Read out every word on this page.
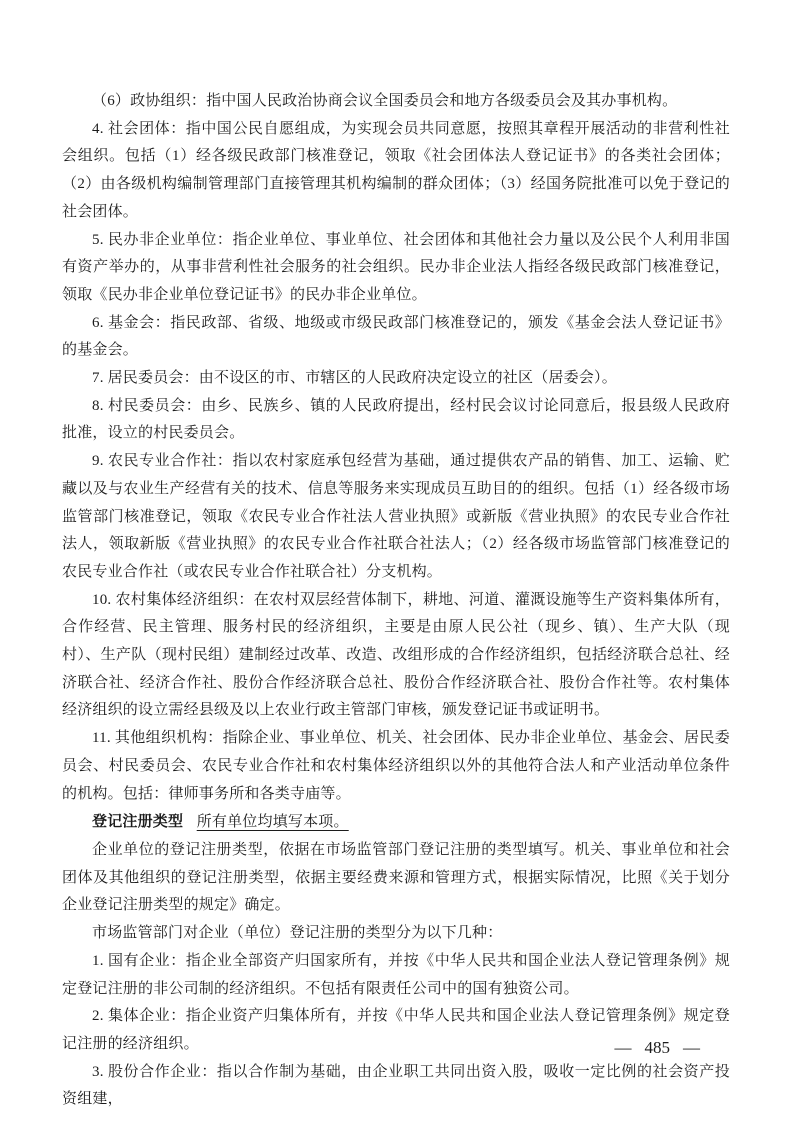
（6）政协组织：指中国人民政治协商会议全国委员会和地方各级委员会及其办事机构。

4. 社会团体：指中国公民自愿组成，为实现会员共同意愿，按照其章程开展活动的非营利性社会组织。包括（1）经各级民政部门核准登记，领取《社会团体法人登记证书》的各类社会团体；（2）由各级机构编制管理部门直接管理其机构编制的群众团体；（3）经国务院批准可以免于登记的社会团体。

5. 民办非企业单位：指企业单位、事业单位、社会团体和其他社会力量以及公民个人利用非国有资产举办的，从事非营利性社会服务的社会组织。民办非企业法人指经各级民政部门核准登记，领取《民办非企业单位登记证书》的民办非企业单位。

6. 基金会：指民政部、省级、地级或市级民政部门核准登记的，颁发《基金会法人登记证书》的基金会。

7. 居民委员会：由不设区的市、市辖区的人民政府决定设立的社区（居委会）。

8. 村民委员会：由乡、民族乡、镇的人民政府提出，经村民会议讨论同意后，报县级人民政府批准，设立的村民委员会。

9. 农民专业合作社：指以农村家庭承包经营为基础，通过提供农产品的销售、加工、运输、贮藏以及与农业生产经营有关的技术、信息等服务来实现成员互助目的的组织。包括（1）经各级市场监管部门核准登记，领取《农民专业合作社法人营业执照》或新版《营业执照》的农民专业合作社法人，领取新版《营业执照》的农民专业合作社联合社法人；（2）经各级市场监管部门核准登记的农民专业合作社（或农民专业合作社联合社）分支机构。

10. 农村集体经济组织：在农村双层经营体制下，耕地、河道、灌溉设施等生产资料集体所有，合作经营、民主管理、服务村民的经济组织，主要是由原人民公社（现乡、镇）、生产大队（现村）、生产队（现村民组）建制经过改革、改造、改组形成的合作经济组织，包括经济联合总社、经济联合社、经济合作社、股份合作经济联合总社、股份合作经济联合社、股份合作社等。农村集体经济组织的设立需经县级及以上农业行政主管部门审核，颁发登记证书或证明书。

11. 其他组织机构：指除企业、事业单位、机关、社会团体、民办非企业单位、基金会、居民委员会、村民委员会、农民专业合作社和农村集体经济组织以外的其他符合法人和产业活动单位条件的机构。包括：律师事务所和各类寺庙等。

登记注册类型 所有单位均填写本项。

企业单位的登记注册类型，依据在市场监管部门登记注册的类型填写。机关、事业单位和社会团体及其他组织的登记注册类型，依据主要经费来源和管理方式，根据实际情况，比照《关于划分企业登记注册类型的规定》确定。

市场监管部门对企业（单位）登记注册的类型分为以下几种：

1. 国有企业：指企业全部资产归国家所有，并按《中华人民共和国企业法人登记管理条例》规定登记注册的非公司制的经济组织。不包括有限责任公司中的国有独资公司。

2. 集体企业：指企业资产归集体所有，并按《中华人民共和国企业法人登记管理条例》规定登记注册的经济组织。

3. 股份合作企业：指以合作制为基础，由企业职工共同出资入股，吸收一定比例的社会资产投资组建，

— 485 —
